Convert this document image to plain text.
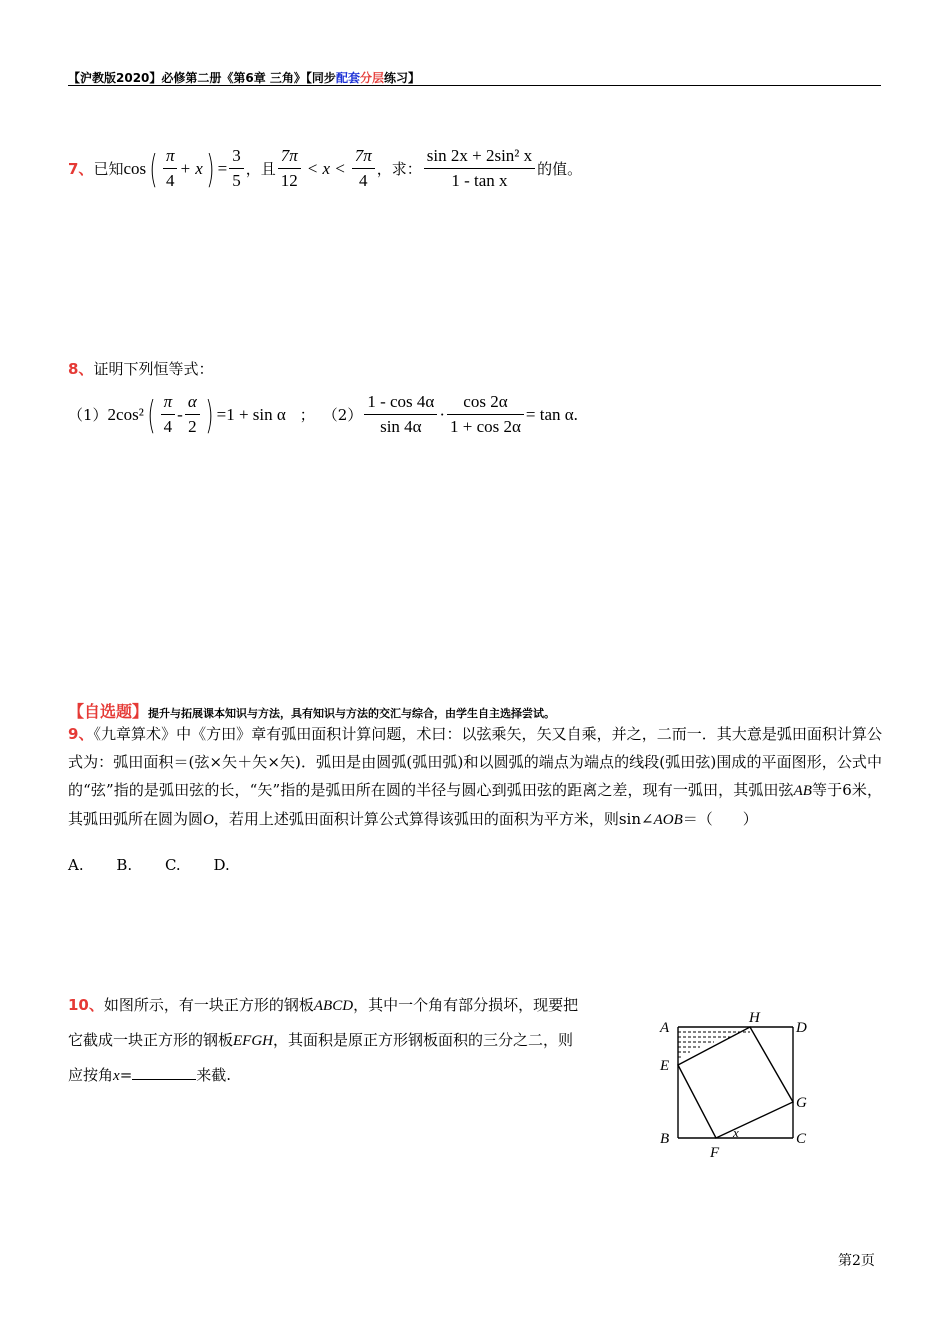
【沪教版2020】必修第二册《第6章 三角》【同步配套分层练习】
7、 已知 cos ( $\frac{\pi}{4} + x$ ) = $\frac{3}{5}$ ，且 $\frac{7\pi}{12} < x < \frac{7\pi}{4}$ ，求： $\frac{\text{sin 2x + 2sin² x}}{\text{1 - tan x}}$ 的值。
8、证明下列恒等式：
（1） 2cos² ( $\frac{\pi}{4} - \frac{\alpha}{2}$ ) =1 + sin α ； $(2) \frac{1 - \cos 4\alpha}{\sin 4\alpha} \cdot \frac{\cos 2\alpha}{1 + \cos 2\alpha} = \tan \alpha$ .
【自选题】提升与拓展课本知识与方法，具有知识与方法的交汇与综合，由学生自主选择尝试。
9、《九章算术》中《方田》章有弧田面积计算问题，术曰：以弦乘矢，矢又自乘，并之，二而一．其大意是弧田面积计算公式为：弧田面积＝(弦×矢＋矢×矢)．弧田是由圆弧(弧田弧)和以圆弧的端点为端点的线段(弧田弦)围成的平面图形，公式中的“弦”指的是弧田弦的长，“矢”指的是弧田所在圆的半径与圆心到弧田弦的距离之差，现有一弧田，其弧田弦AB等于6米，其弧田弧所在圆为圆O，若用上述弧田面积计算公式算得该弧田的面积为平方米，则sin∠AOB＝（　　）
A. B. C. D.
10、如图所示，有一块正方形的钢板ABCD，其中一个角有部分损坏，现要把它截成一块正方形的钢板EFGH，其面积是原正方形钢板面积的三分之二，则应按角x=	来截.
A
B	C
D
E
F
G
H
x
第2页
